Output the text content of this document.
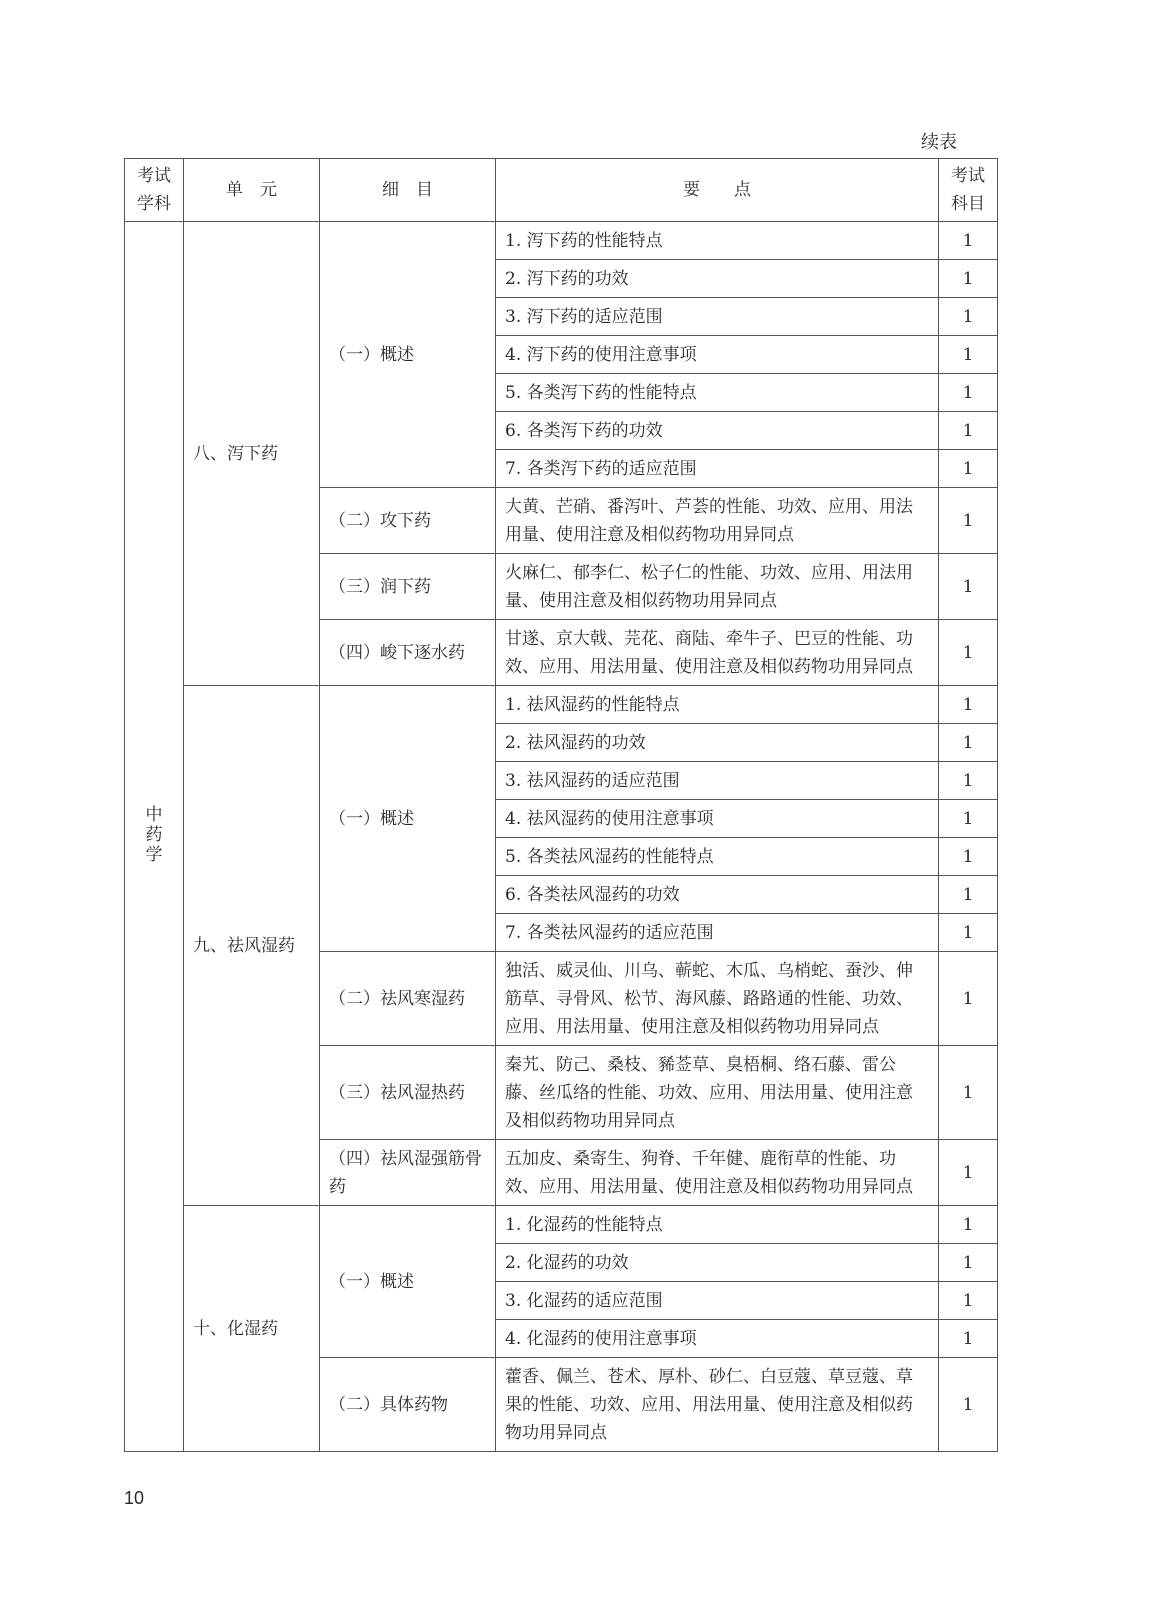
续表
考试学科	单　元	细　目	要　　点	考试科目
中药学	八、泻下药	（一）概述	1. 泻下药的性能特点	1
			2. 泻下药的功效	1
			3. 泻下药的适应范围	1
			4. 泻下药的使用注意事项	1
			5. 各类泻下药的性能特点	1
			6. 各类泻下药的功效	1
			7. 各类泻下药的适应范围	1
		（二）攻下药	大黄、芒硝、番泻叶、芦荟的性能、功效、应用、用法用量、使用注意及相似药物功用异同点	1
		（三）润下药	火麻仁、郁李仁、松子仁的性能、功效、应用、用法用量、使用注意及相似药物功用异同点	1
		（四）峻下逐水药	甘遂、京大戟、芫花、商陆、牵牛子、巴豆的性能、功效、应用、用法用量、使用注意及相似药物功用异同点	1
	九、祛风湿药	（一）概述	1. 祛风湿药的性能特点	1
			2. 祛风湿药的功效	1
			3. 祛风湿药的适应范围	1
			4. 祛风湿药的使用注意事项	1
			5. 各类祛风湿药的性能特点	1
			6. 各类祛风湿药的功效	1
			7. 各类祛风湿药的适应范围	1
		（二）祛风寒湿药	独活、威灵仙、川乌、蕲蛇、木瓜、乌梢蛇、蚕沙、伸筋草、寻骨风、松节、海风藤、路路通的性能、功效、应用、用法用量、使用注意及相似药物功用异同点	1
		（三）祛风湿热药	秦艽、防己、桑枝、豨莶草、臭梧桐、络石藤、雷公藤、丝瓜络的性能、功效、应用、用法用量、使用注意及相似药物功用异同点	1
		（四）祛风湿强筋骨药	五加皮、桑寄生、狗脊、千年健、鹿衔草的性能、功效、应用、用法用量、使用注意及相似药物功用异同点	1
	十、化湿药	（一）概述	1. 化湿药的性能特点	1
			2. 化湿药的功效	1
			3. 化湿药的适应范围	1
			4. 化湿药的使用注意事项	1
		（二）具体药物	藿香、佩兰、苍术、厚朴、砂仁、白豆蔻、草豆蔻、草果的性能、功效、应用、用法用量、使用注意及相似药物功用异同点	1
10
